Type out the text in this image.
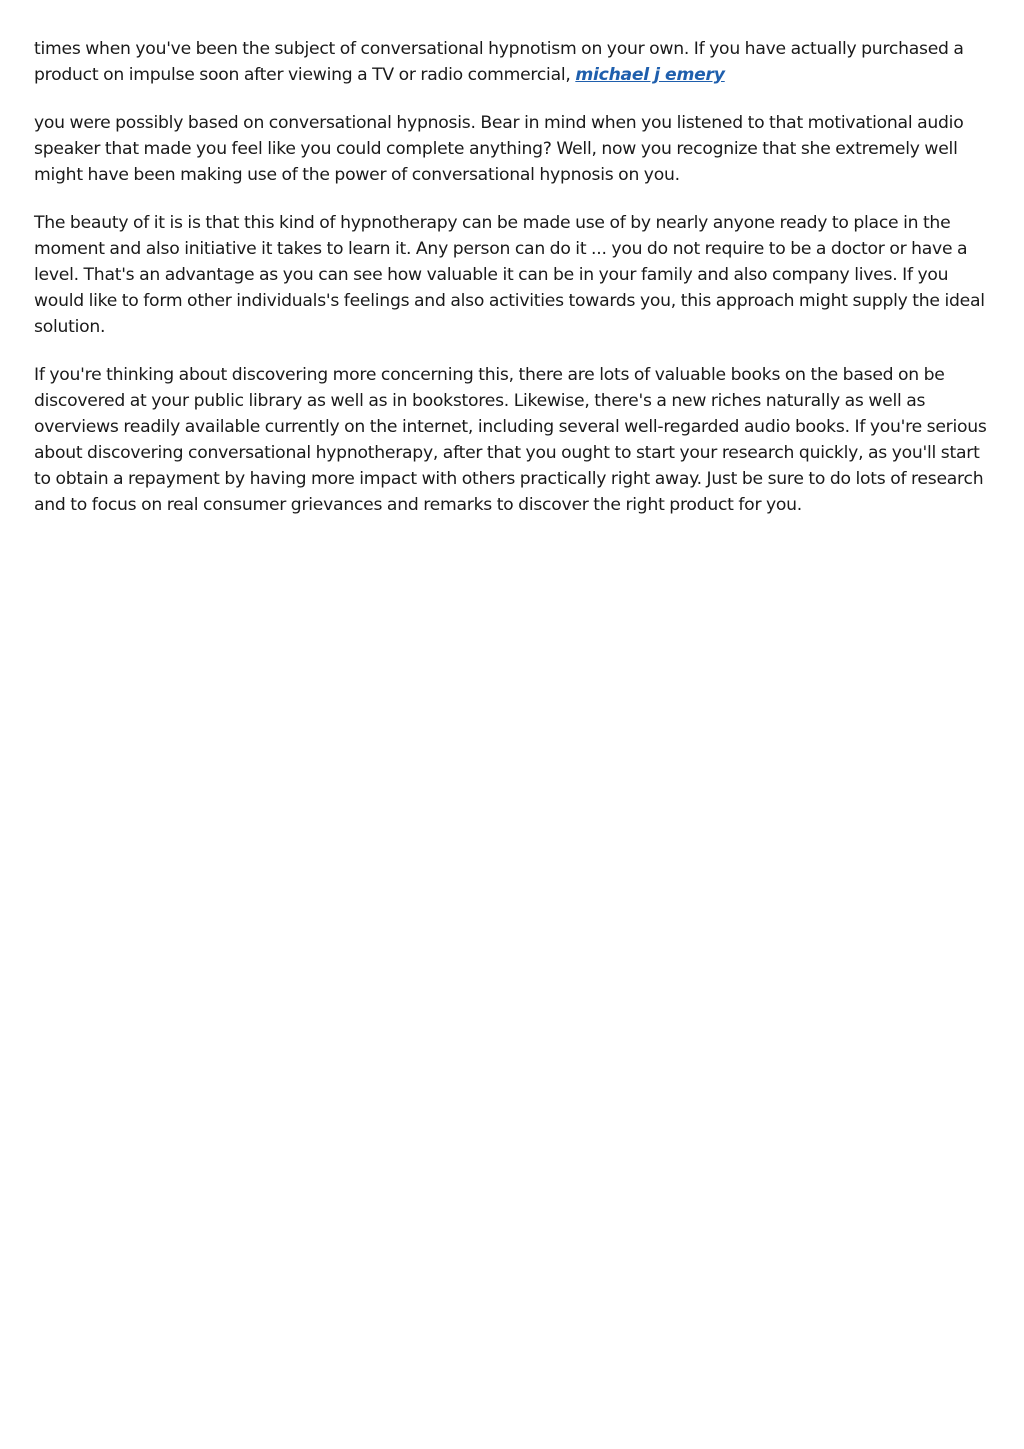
times when you've been the subject of conversational hypnotism on your own. If you have actually purchased a product on impulse soon after viewing a TV or radio commercial, michael j emery

you were possibly based on conversational hypnosis. Bear in mind when you listened to that motivational audio speaker that made you feel like you could complete anything? Well, now you recognize that she extremely well might have been making use of the power of conversational hypnosis on you.

The beauty of it is is that this kind of hypnotherapy can be made use of by nearly anyone ready to place in the moment and also initiative it takes to learn it. Any person can do it ... you do not require to be a doctor or have a level. That's an advantage as you can see how valuable it can be in your family and also company lives. If you would like to form other individuals's feelings and also activities towards you, this approach might supply the ideal solution.

If you're thinking about discovering more concerning this, there are lots of valuable books on the based on be discovered at your public library as well as in bookstores. Likewise, there's a new riches naturally as well as overviews readily available currently on the internet, including several well-regarded audio books. If you're serious about discovering conversational hypnotherapy, after that you ought to start your research quickly, as you'll start to obtain a repayment by having more impact with others practically right away. Just be sure to do lots of research and to focus on real consumer grievances and remarks to discover the right product for you.
